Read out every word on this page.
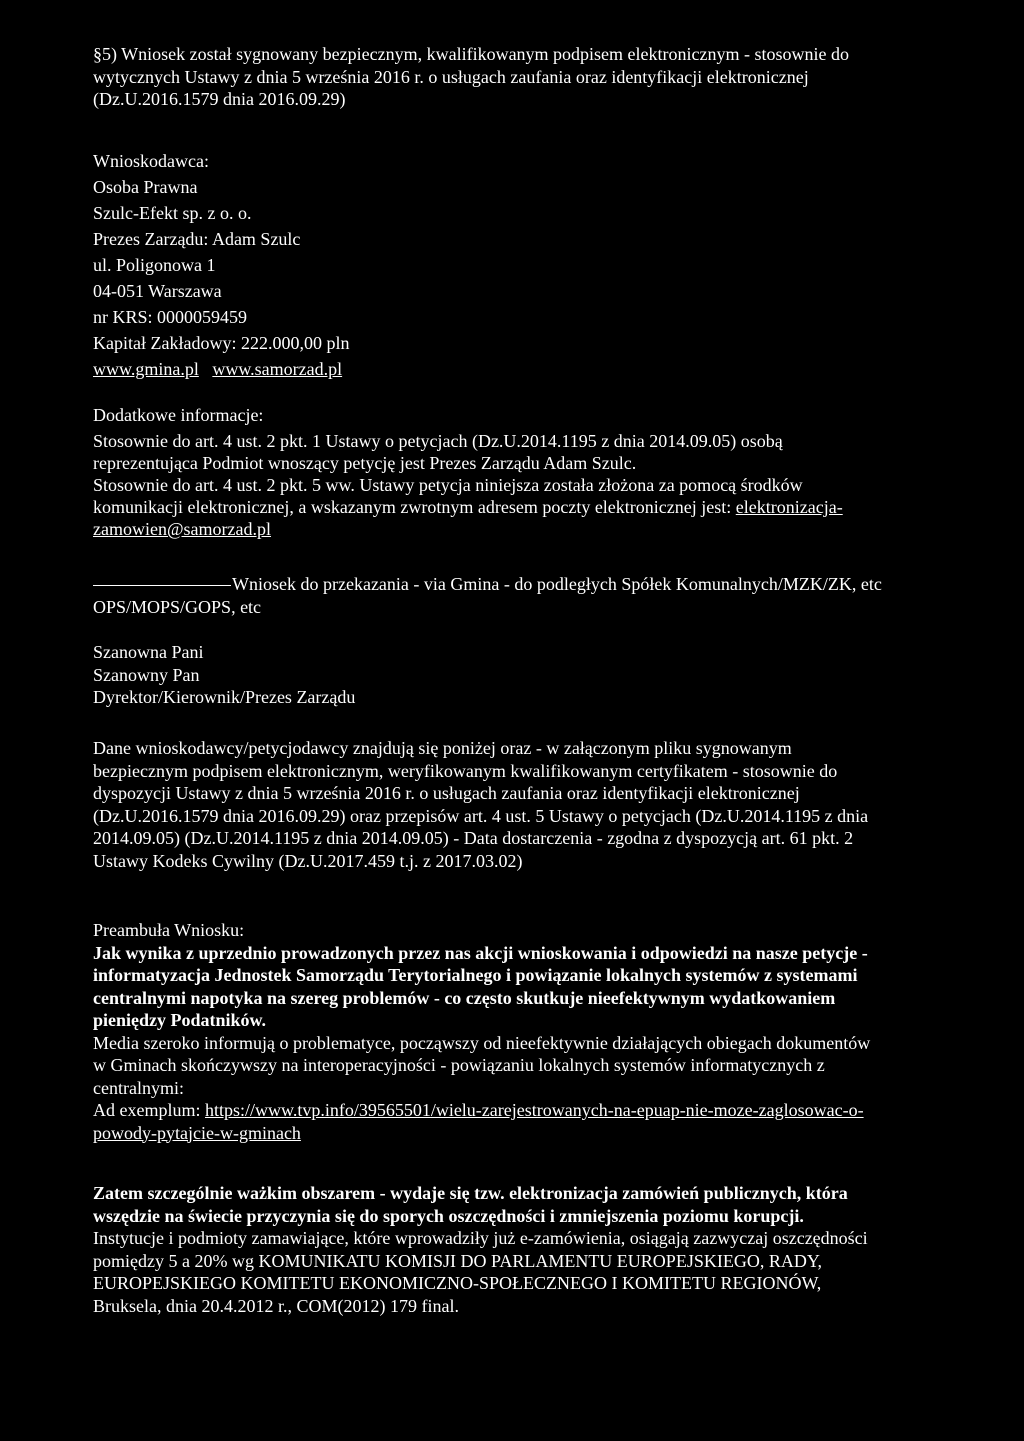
§5) Wniosek został sygnowany bezpiecznym, kwalifikowanym podpisem elektronicznym - stosownie do
wytycznych Ustawy z dnia 5 września 2016 r. o usługach zaufania oraz identyfikacji elektronicznej
(Dz.U.2016.1579 dnia 2016.09.29)
Wnioskodawca:
Osoba Prawna
Szulc-Efekt sp. z o. o.
Prezes Zarządu: Adam Szulc
ul. Poligonowa 1
04-051 Warszawa
nr KRS: 0000059459
Kapitał Zakładowy: 222.000,00 pln
www.gmina.pl www.samorzad.pl
Dodatkowe informacje:
Stosownie do art. 4 ust. 2 pkt. 1 Ustawy o petycjach (Dz.U.2014.1195 z dnia 2014.09.05) osobą
reprezentująca Podmiot wnoszący petycję jest Prezes Zarządu Adam Szulc.
Stosownie do art. 4 ust. 2 pkt. 5 ww. Ustawy petycja niniejsza została złożona za pomocą środków
komunikacji elektronicznej, a wskazanym zwrotnym adresem poczty elektronicznej jest: elektronizacja-
zamowien@samorzad.pl
Wniosek do przekazania - via Gmina - do podległych Spółek Komunalnych/MZK/ZK, etc
OPS/MOPS/GOPS, etc
Szanowna Pani
Szanowny Pan
Dyrektor/Kierownik/Prezes Zarządu
Dane wnioskodawcy/petycjodawcy znajdują się poniżej oraz - w załączonym pliku sygnowanym
bezpiecznym podpisem elektronicznym, weryfikowanym kwalifikowanym certyfikatem - stosownie do
dyspozycji Ustawy z dnia 5 września 2016 r. o usługach zaufania oraz identyfikacji elektronicznej
(Dz.U.2016.1579 dnia 2016.09.29) oraz przepisów art. 4 ust. 5 Ustawy o petycjach (Dz.U.2014.1195 z dnia
2014.09.05) (Dz.U.2014.1195 z dnia 2014.09.05) - Data dostarczenia - zgodna z dyspozycją art. 61 pkt. 2
Ustawy Kodeks Cywilny (Dz.U.2017.459 t.j. z 2017.03.02)
Preambuła Wniosku:
Jak wynika z uprzednio prowadzonych przez nas akcji wnioskowania i odpowiedzi na nasze petycje -
informatyzacja Jednostek Samorządu Terytorialnego i powiązanie lokalnych systemów z systemami
centralnymi napotyka na szereg problemów - co często skutkuje nieefektywnym wydatkowaniem
pieniędzy Podatników.
Media szeroko informują o problematyce, począwszy od nieefektywnie działających obiegach dokumentów
w Gminach skończywszy na interoperacyjności - powiązaniu lokalnych systemów informatycznych z
centralnymi:
Ad exemplum: https://www.tvp.info/39565501/wielu-zarejestrowanych-na-epuap-nie-moze-zaglosowac-o-
powody-pytajcie-w-gminach
Zatem szczególnie ważkim obszarem - wydaje się tzw. elektronizacja zamówień publicznych, która
wszędzie na świecie przyczynia się do sporych oszczędności i zmniejszenia poziomu korupcji.
Instytucje i podmioty zamawiające, które wprowadziły już e-zamówienia, osiągają zazwyczaj oszczędności
pomiędzy 5 a 20% wg KOMUNIKATU KOMISJI DO PARLAMENTU EUROPEJSKIEGO, RADY,
EUROPEJSKIEGO KOMITETU EKONOMICZNO-SPOŁECZNEGO I KOMITETU REGIONÓW,
Bruksela, dnia 20.4.2012 r., COM(2012) 179 final.
